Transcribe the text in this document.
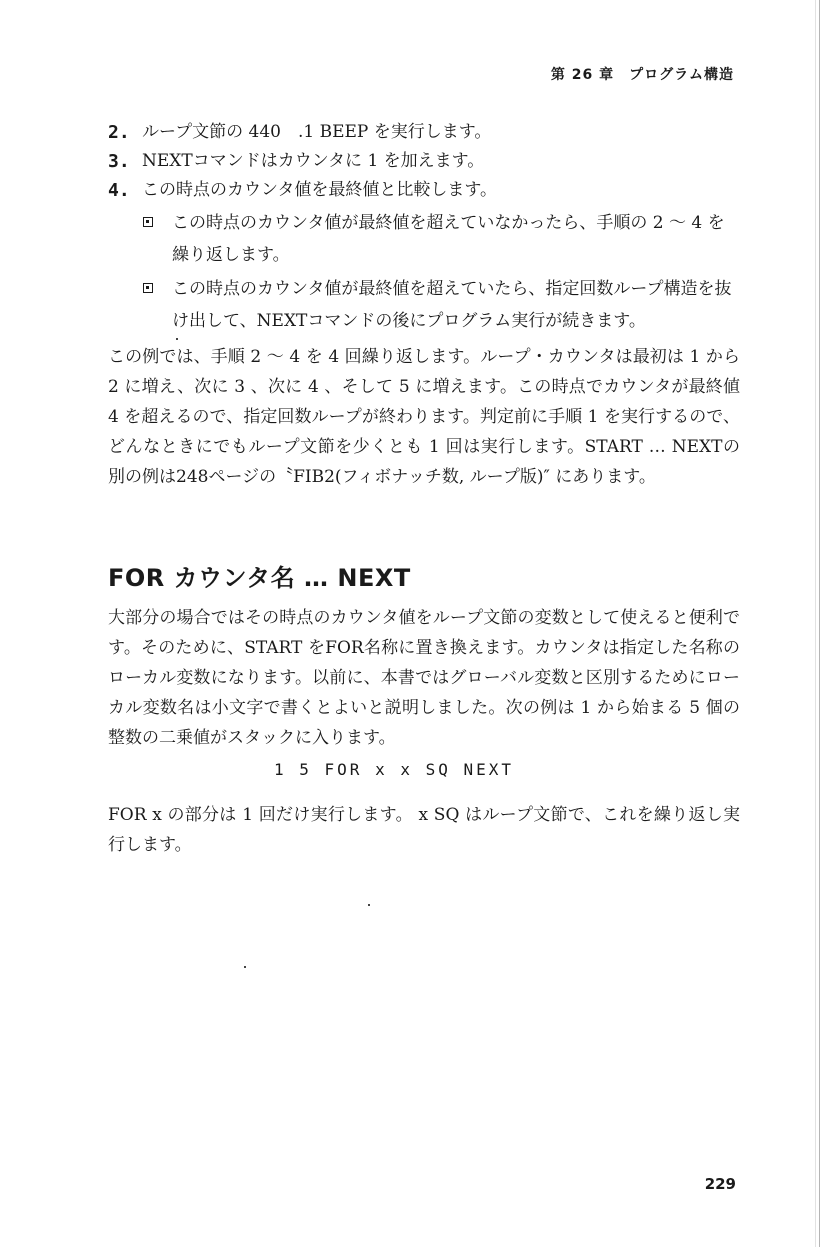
第 26 章　プログラム構造
2. ループ文節の 440　.1 BEEP を実行します。
3. NEXTコマンドはカウンタに 1 を加えます。
4. この時点のカウンタ値を最終値と比較します。
この時点のカウンタ値が最終値を超えていなかったら、手順の 2 ～ 4 を繰り返します。
この時点のカウンタ値が最終値を超えていたら、指定回数ループ構造を抜け出して、NEXTコマンドの後にプログラム実行が続きます。
この例では、手順 2 ～ 4 を 4 回繰り返します。ループ・カウンタは最初は 1 から 2 に増え、次に 3 、次に 4 、そして 5 に増えます。この時点でカウンタが最終値 4 を超えるので、指定回数ループが終わります。判定前に手順 1 を実行するので、どんなときにでもループ文節を少くとも 1 回は実行します。START … NEXTの別の例は248ページの〝FIB2(フィボナッチ数, ループ版)″ にあります。
FOR カウンタ名 … NEXT
大部分の場合ではその時点のカウンタ値をループ文節の変数として使えると便利です。そのために、START をFOR名称に置き換えます。カウンタは指定した名称のローカル変数になります。以前に、本書ではグローバル変数と区別するためにローカル変数名は小文字で書くとよいと説明しました。次の例は 1 から始まる 5 個の整数の二乗値がスタックに入ります。
1 5 FOR x x SQ NEXT
FOR x の部分は 1 回だけ実行します。 x SQ はループ文節で、これを繰り返し実行します。
229
